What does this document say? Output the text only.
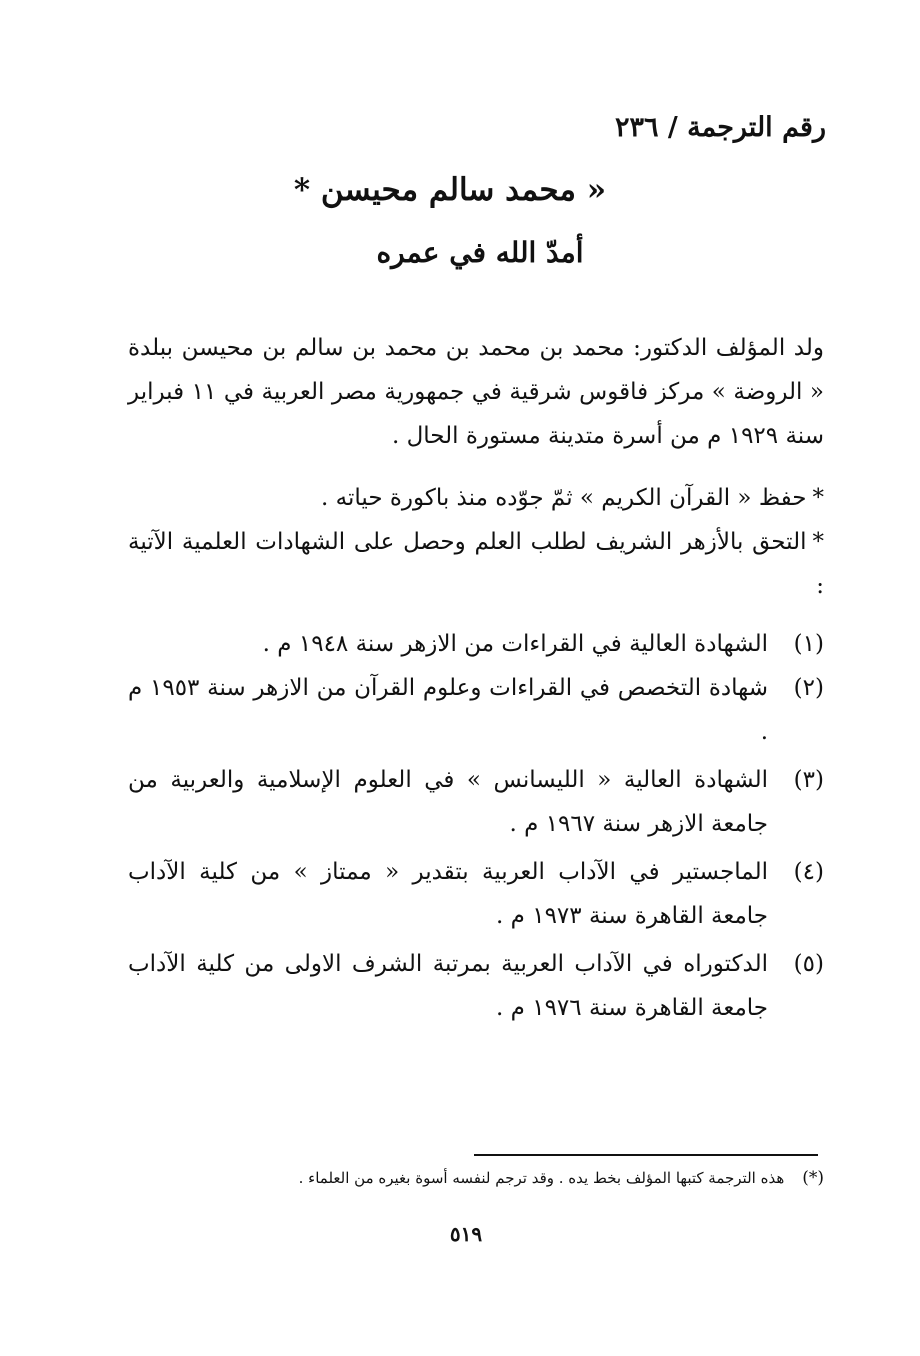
رقم الترجمة / ٢٣٦
« محمد سالم محيسن *
أمدّ الله في عمره

ولد المؤلف الدكتور: محمد بن محمد بن محمد بن سالم بن محيسن ببلدة « الروضة » مركز فاقوس شرقية في جمهورية مصر العربية في ١١ فبراير سنة ١٩٢٩ م من أسرة متدينة مستورة الحال .

*حفظ « القرآن الكريم » ثمّ جوّده منذ باكورة حياته .
*التحق بالأزهر الشريف لطلب العلم وحصل على الشهادات العلمية الآتية :
(١)
الشهادة العالية في القراءات من الازهر سنة ١٩٤٨ م .
(٢)
شهادة التخصص في القراءات وعلوم القرآن من الازهر سنة ١٩٥٣ م .
(٣)
الشهادة العالية « الليسانس » في العلوم الإسلامية والعربية من جامعة الازهر سنة ١٩٦٧ م .
(٤)
الماجستير في الآداب العربية بتقدير « ممتاز » من كلية الآداب جامعة القاهرة سنة ١٩٧٣ م .
(٥)
الدكتوراه في الآداب العربية بمرتبة الشرف الاولى من كلية الآداب جامعة القاهرة سنة ١٩٧٦ م .
(*)هذه الترجمة كتبها المؤلف بخط يده . وقد ترجم لنفسه أسوة بغيره من العلماء .
٥١٩
